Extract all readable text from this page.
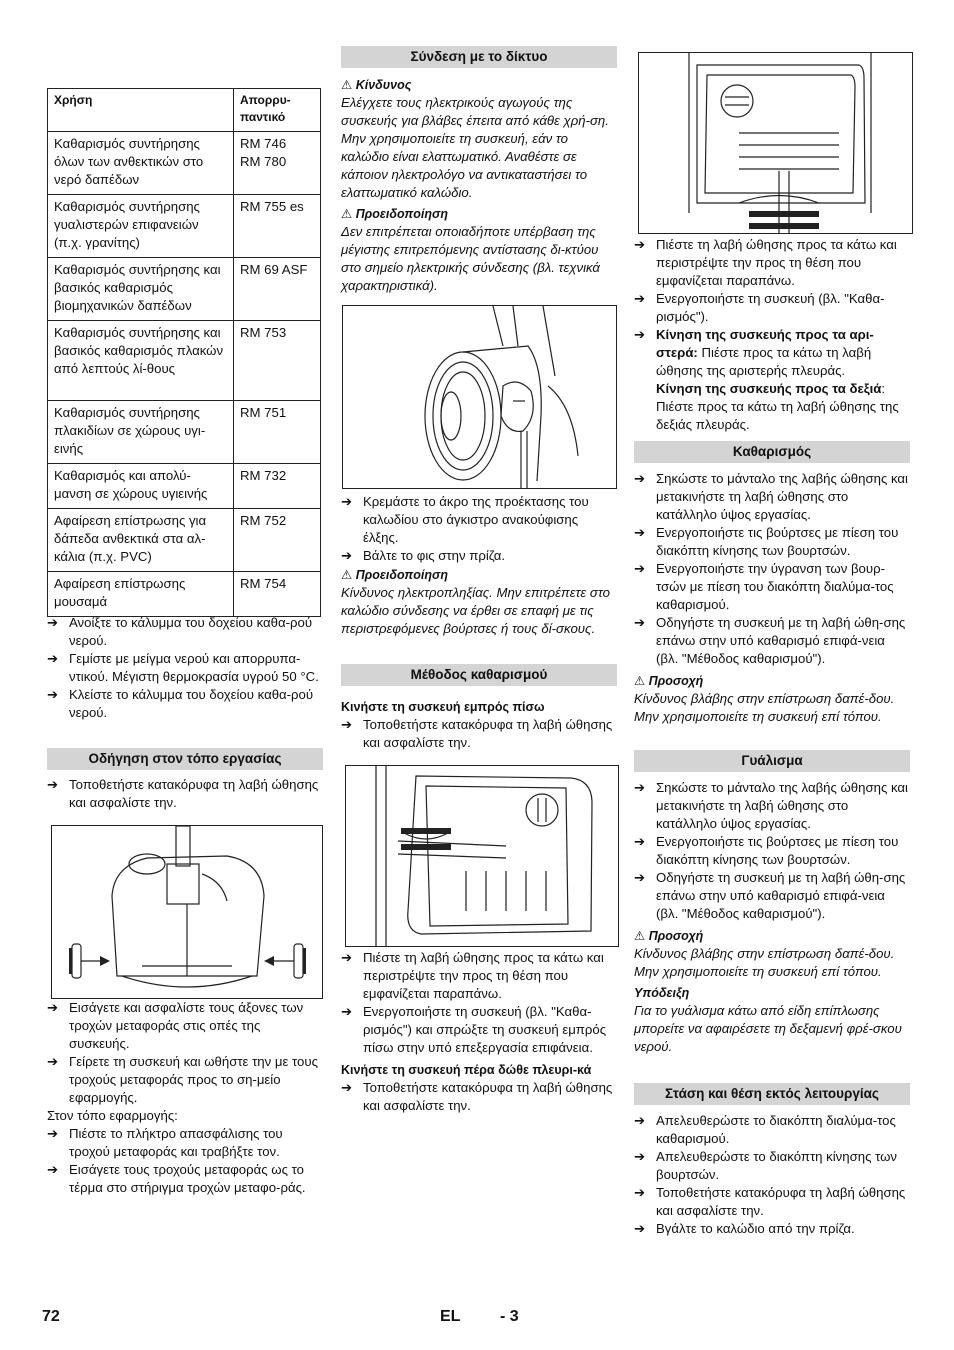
Χρήση	Απορρυ-
παντικό
Καθαρισμός συντήρησης όλων των ανθεκτικών στο νερό δαπέδων	RM 746
RM 780
Καθαρισμός συντήρησης γυαλιστερών επιφανειών (π.χ. γρανίτης)	RM 755 es
Καθαρισμός συντήρησης και βασικός καθαρισμός βιομηχανικών δαπέδων	RM 69 ASF
Καθαρισμός συντήρησης και βασικός καθαρισμός πλακών από λεπτούς λί-θους	RM 753
Καθαρισμός συντήρησης πλακιδίων σε χώρους υγι-εινής	RM 751
Καθαρισμός και απολύ-μανση σε χώρους υγιεινής	RM 732
Αφαίρεση επίστρωσης για δάπεδα ανθεκτικά στα αλ-κάλια (π.χ. PVC)	RM 752
Αφαίρεση επίστρωσης μουσαμά	RM 754

➔ Ανοίξτε το κάλυμμα του δοχείου καθα-ρού νερού.

➔ Γεμίστε με μείγμα νερού και απορρυπα-ντικού. Μέγιστη θερμοκρασία υγρού 50 °C.

➔ Κλείστε το κάλυμμα του δοχείου καθα-ρού νερού.

Οδήγηση στον τόπο εργασίας

➔ Τοποθετήστε κατακόρυφα τη λαβή ώθησης και ασφαλίστε την.

➔ Εισάγετε και ασφαλίστε τους άξονες των τροχών μεταφοράς στις οπές της συσκευής.

➔ Γείρετε τη συσκευή και ωθήστε την με τους τροχούς μεταφοράς προς το ση-μείο εφαρμογής.

Στον τόπο εφαρμογής:

➔ Πιέστε το πλήκτρο απασφάλισης του τροχού μεταφοράς και τραβήξτε τον.

➔ Εισάγετε τους τροχούς μεταφοράς ως το τέρμα στο στήριγμα τροχών μεταφο-ράς.

Σύνδεση με το δίκτυο
⚠ Κίνδυνος

Ελέγχετε τους ηλεκτρικούς αγωγούς της συσκευής για βλάβες έπειτα από κάθε χρή-ση. Μην χρησιμοποιείτε τη συσκευή, εάν το καλώδιο είναι ελαττωματικό. Αναθέστε σε κάποιον ηλεκτρολόγο να αντικαταστήσει το ελαττωματικό καλώδιο.

⚠ Προειδοποίηση

Δεν επιτρέπεται οποιαδήποτε υπέρβαση της μέγιστης επιτρεπόμενης αντίστασης δι-κτύου στο σημείο ηλεκτρικής σύνδεσης (βλ. τεχνικά χαρακτηριστικά).

➔ Κρεμάστε το άκρο της προέκτασης του καλωδίου στο άγκιστρο ανακούφισης έλξης.

➔ Βάλτε το φις στην πρίζα.

⚠ Προειδοποίηση

Κίνδυνος ηλεκτροπληξίας. Μην επιτρέπετε στο καλώδιο σύνδεσης να έρθει σε επαφή με τις περιστρεφόμενες βούρτσες ή τους δί-σκους.

Μέθοδος καθαρισμού
Κινήστε τη συσκευή εμπρός πίσω

➔ Τοποθετήστε κατακόρυφα τη λαβή ώθησης και ασφαλίστε την.

➔ Πιέστε τη λαβή ώθησης προς τα κάτω και περιστρέψτε την προς τη θέση που εμφανίζεται παραπάνω.

➔ Ενεργοποιήστε τη συσκευή (βλ. "Καθα-ρισμός") και σπρώξτε τη συσκευή εμπρός πίσω στην υπό επεξεργασία επιφάνεια.

Κινήστε τη συσκευή πέρα δώθε πλευρι-κά

➔ Τοποθετήστε κατακόρυφα τη λαβή ώθησης και ασφαλίστε την.

➔ Πιέστε τη λαβή ώθησης προς τα κάτω και περιστρέψτε την προς τη θέση που εμφανίζεται παραπάνω.

➔ Ενεργοποιήστε τη συσκευή (βλ. "Καθα-ρισμός").

➔ Κίνηση της συσκευής προς τα αρι-στερά: Πιέστε προς τα κάτω τη λαβή ώθησης της αριστερής πλευράς.

Κίνηση της συσκευής προς τα δεξιά: Πιέστε προς τα κάτω τη λαβή ώθησης της δεξιάς πλευράς.

Καθαρισμός

➔ Σηκώστε το μάνταλο της λαβής ώθησης και μετακινήστε τη λαβή ώθησης στο κατάλληλο ύψος εργασίας.

➔ Ενεργοποιήστε τις βούρτσες με πίεση του διακόπτη κίνησης των βουρτσών.

➔ Ενεργοποιήστε την ύγρανση των βουρ-τσών με πίεση του διακόπτη διαλύμα-τος καθαρισμού.

➔ Οδηγήστε τη συσκευή με τη λαβή ώθη-σης επάνω στην υπό καθαρισμό επιφά-νεια (βλ. "Μέθοδος καθαρισμού").

⚠ Προσοχή

Κίνδυνος βλάβης στην επίστρωση δαπέ-δου. Μην χρησιμοποιείτε τη συσκευή επί τόπου.

Γυάλισμα

➔ Σηκώστε το μάνταλο της λαβής ώθησης και μετακινήστε τη λαβή ώθησης στο κατάλληλο ύψος εργασίας.

➔ Ενεργοποιήστε τις βούρτσες με πίεση του διακόπτη κίνησης των βουρτσών.

➔ Οδηγήστε τη συσκευή με τη λαβή ώθη-σης επάνω στην υπό καθαρισμό επιφά-νεια (βλ. "Μέθοδος καθαρισμού").

⚠ Προσοχή

Κίνδυνος βλάβης στην επίστρωση δαπέ-δου. Μην χρησιμοποιείτε τη συσκευή επί τόπου.

Υπόδειξη

Για το γυάλισμα κάτω από είδη επίπλωσης μπορείτε να αφαιρέσετε τη δεξαμενή φρέ-σκου νερού.

Στάση και θέση εκτός λειτουργίας

➔ Απελευθερώστε το διακόπτη διαλύμα-τος καθαρισμού.

➔ Απελευθερώστε το διακόπτη κίνησης των βουρτσών.

➔ Τοποθετήστε κατακόρυφα τη λαβή ώθησης και ασφαλίστε την.

➔ Βγάλτε το καλώδιο από την πρίζα.

72	EL - 3
